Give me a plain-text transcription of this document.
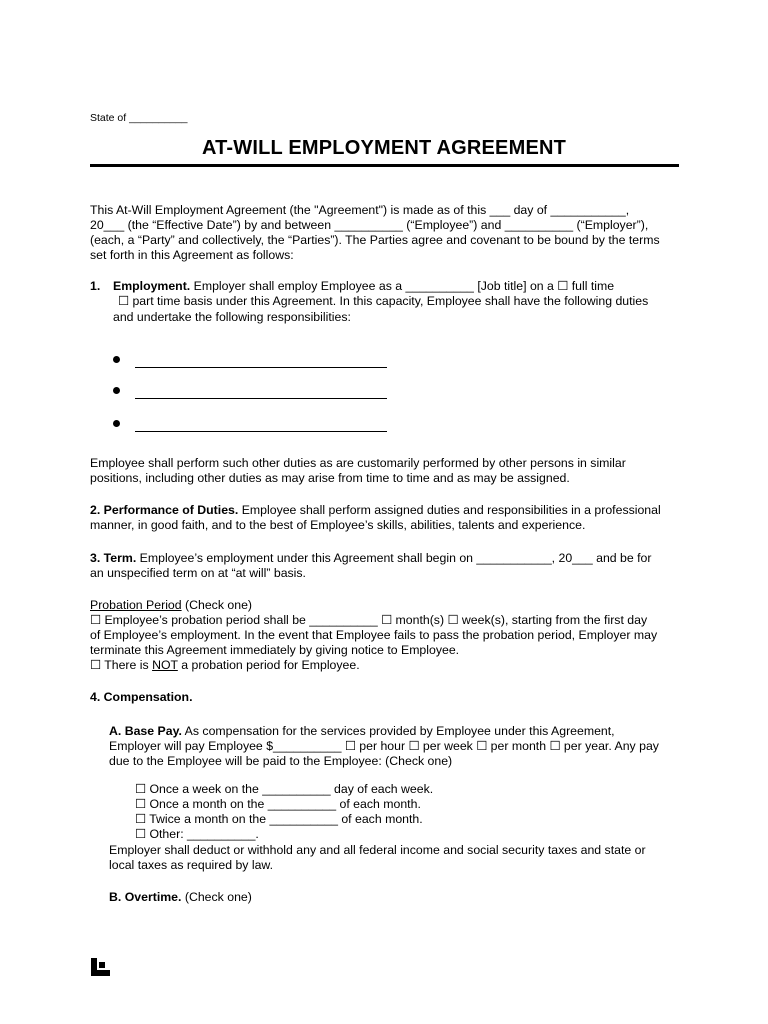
State of __________
AT-WILL EMPLOYMENT AGREEMENT
This At-Will Employment Agreement (the "Agreement") is made as of this ___ day of ___________,
20___ (the “Effective Date”) by and between __________ (“Employee”) and __________ (“Employer”),
(each, a “Party” and collectively, the “Parties”). The Parties agree and covenant to be bound by the terms
set forth in this Agreement as follows:
1. Employment. Employer shall employ Employee as a __________ [Job title] on a ☐ full time
☐ part time basis under this Agreement. In this capacity, Employee shall have the following duties
and undertake the following responsibilities:
Employee shall perform such other duties as are customarily performed by other persons in similar
positions, including other duties as may arise from time to time and as may be assigned.
2. Performance of Duties. Employee shall perform assigned duties and responsibilities in a professional
manner, in good faith, and to the best of Employee’s skills, abilities, talents and experience.
3. Term. Employee’s employment under this Agreement shall begin on ___________, 20___ and be for
an unspecified term on at “at will” basis.
Probation Period (Check one)
☐ Employee’s probation period shall be __________ ☐ month(s) ☐ week(s), starting from the first day
of Employee’s employment. In the event that Employee fails to pass the probation period, Employer may
terminate this Agreement immediately by giving notice to Employee.
☐ There is NOT a probation period for Employee.
4. Compensation.
A. Base Pay. As compensation for the services provided by Employee under this Agreement,
Employer will pay Employee $__________ ☐ per hour ☐ per week ☐ per month ☐ per year. Any pay
due to the Employee will be paid to the Employee: (Check one)
☐ Once a week on the __________ day of each week.
☐ Once a month on the __________ of each month.
☐ Twice a month on the __________ of each month.
☐ Other: __________.
Employer shall deduct or withhold any and all federal income and social security taxes and state or
local taxes as required by law.
B. Overtime. (Check one)
